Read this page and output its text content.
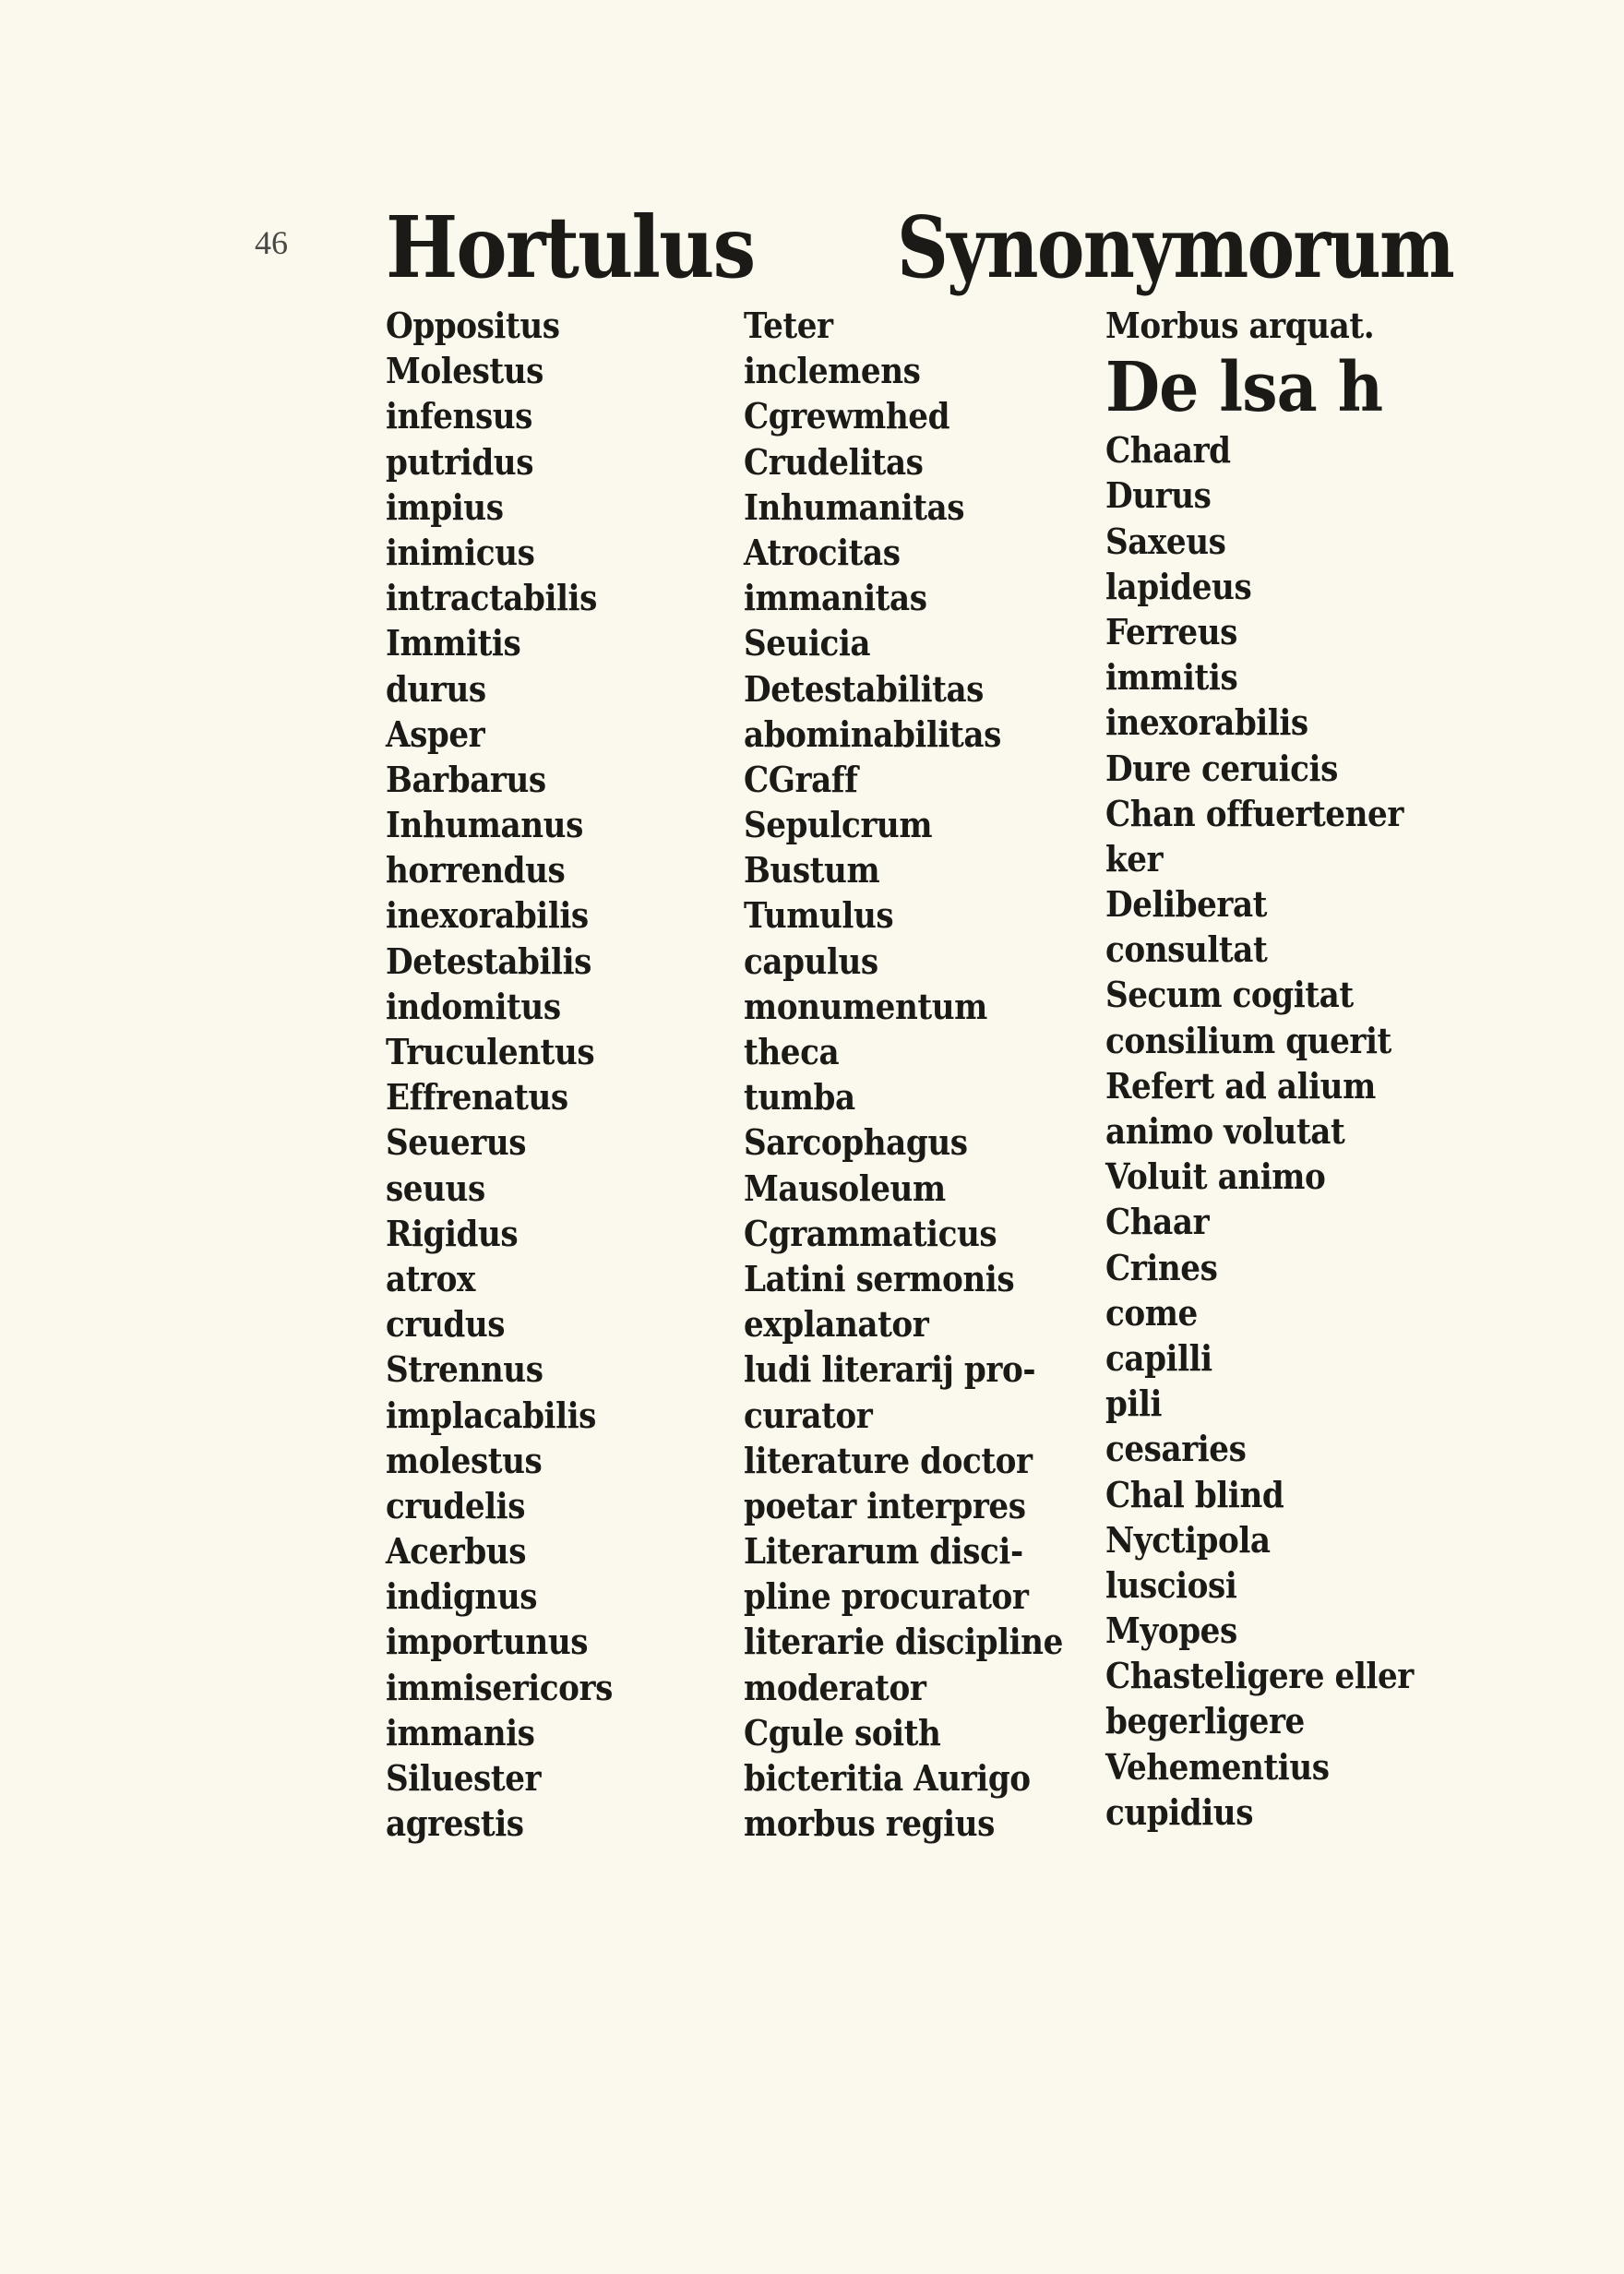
46 Hortulus Synonymorum
Oppositus
Molestus
infensus
putridus
impius
inimicus
intractabilis
Immitis
durus
Asper
Barbarus
Inhumanus
horrendus
inexorabilis
Detestabilis
indomitus
Truculentus
Effrenatus
Seuerus
seuus
Rigidus
atrox
crudus
Strennus
implacabilis
molestus
crudelis
Acerbus
indignus
importunus
immisericors
immanis
Siluester
agrestis
Teter
inclemens
Cgrewmhed
Crudelitas
Inhumanitas
Atrocitas
immanitas
Seuicia
Detestabilitas
abominabilitas
CGraff
Sepulcrum
Bustum
Tumulus
capulus
monumentum
theca
tumba
Sarcophagus
Mausoleum
Cgrammaticus
Latini sermonis
explanator
ludi literarij pro-
curator
literature doctor
poetar interpres
Literarum disci-
pline procurator
literarie discipline
moderator
Cgule soith
bicteritia Aurigo
morbus regius
Morbus arquat.
De lsa h
Chaard
Durus
Saxeus
lapideus
Ferreus
immitis
inexorabilis
Dure ceruicis
Chan offuertener
ker
Deliberat
consultat
Secum cogitat
consilium querit
Refert ad alium
animo volutat
Voluit animo
Chaar
Crines
come
capilli
pili
cesaries
Chal blind
Nyctipola
lusciosi
Myopes
Chasteligere eller
begerligere
Vehementius
cupidius
